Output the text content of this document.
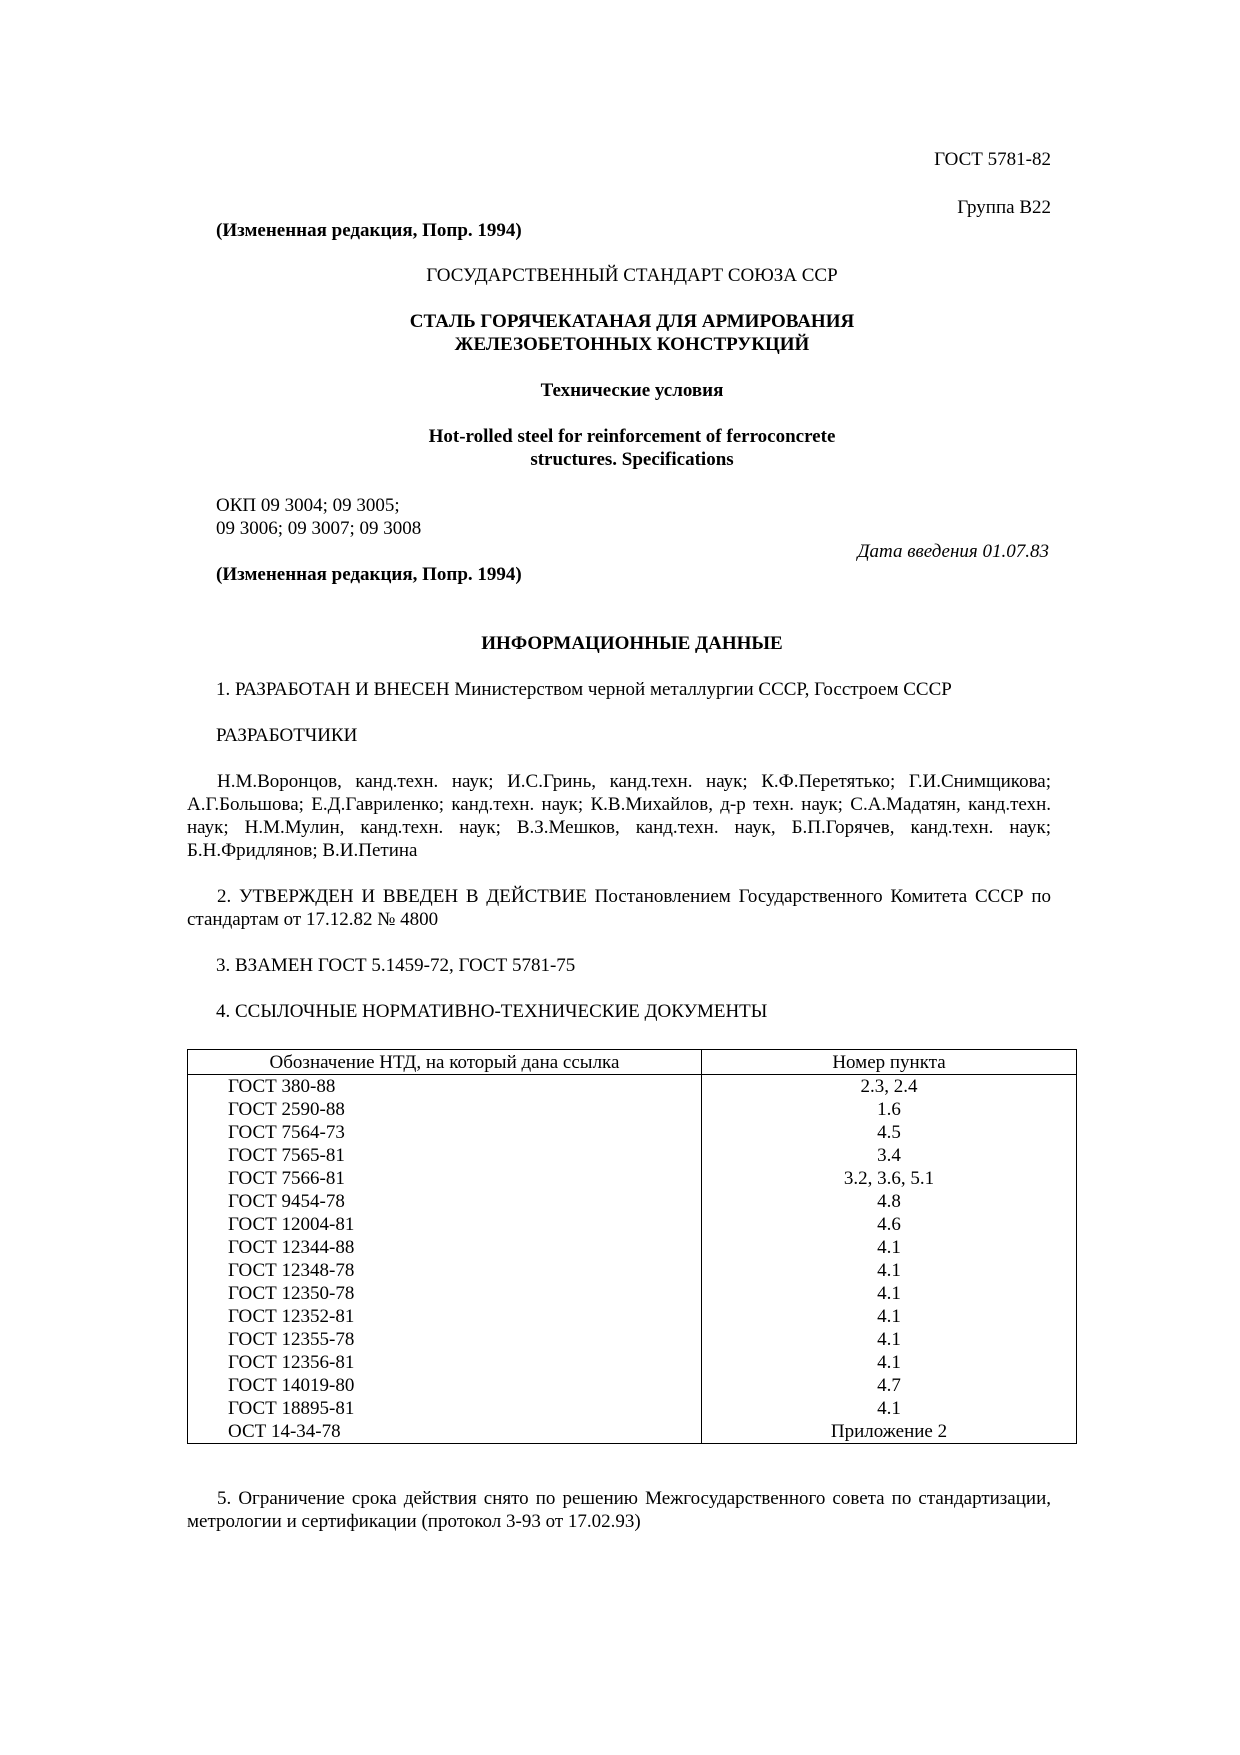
ГОСТ 5781-82

Группа В22

(Измененная редакция, Попр. 1994)

ГОСУДАРСТВЕННЫЙ СТАНДАРТ СОЮЗА ССР

СТАЛЬ ГОРЯЧЕКАТАНАЯ ДЛЯ АРМИРОВАНИЯ

ЖЕЛЕЗОБЕТОННЫХ КОНСТРУКЦИЙ

Технические условия

Hot-rolled steel for reinforcement of ferroconcrete

structures. Specifications

ОКП 09 3004; 09 3005;

09 3006; 09 3007; 09 3008

Дата введения 01.07.83

(Измененная редакция, Попр. 1994)

ИНФОРМАЦИОННЫЕ ДАННЫЕ

1. РАЗРАБОТАН И ВНЕСЕН Министерством черной металлургии СССР, Госстроем СССР

РАЗРАБОТЧИКИ

Н.М.Воронцов, канд.техн. наук; И.С.Гринь, канд.техн. наук; К.Ф.Перетятько; Г.И.Снимщикова; А.Г.Большова; Е.Д.Гавриленко; канд.техн. наук; К.В.Михайлов, д-р техн. наук; С.А.Мадатян, канд.техн. наук; Н.М.Мулин, канд.техн. наук; В.З.Мешков, канд.техн. наук, Б.П.Горячев, канд.техн. наук; Б.Н.Фридлянов; В.И.Петина

2. УТВЕРЖДЕН И ВВЕДЕН В ДЕЙСТВИЕ Постановлением Государственного Комитета СССР по стандартам от 17.12.82 № 4800

3. ВЗАМЕН ГОСТ 5.1459-72, ГОСТ 5781-75

4. ССЫЛОЧНЫЕ НОРМАТИВНО-ТЕХНИЧЕСКИЕ ДОКУМЕНТЫ

Обозначение НТД, на который дана ссылка	Номер пункта
ГОСТ 380-88	2.3, 2.4
ГОСТ 2590-88	1.6
ГОСТ 7564-73	4.5
ГОСТ 7565-81	3.4
ГОСТ 7566-81	3.2, 3.6, 5.1
ГОСТ 9454-78	4.8
ГОСТ 12004-81	4.6
ГОСТ 12344-88	4.1
ГОСТ 12348-78	4.1
ГОСТ 12350-78	4.1
ГОСТ 12352-81	4.1
ГОСТ 12355-78	4.1
ГОСТ 12356-81	4.1
ГОСТ 14019-80	4.7
ГОСТ 18895-81	4.1
ОСТ 14-34-78	Приложение 2

5. Ограничение срока действия снято по решению Межгосударственного совета по стандартизации, метрологии и сертификации (протокол 3-93 от 17.02.93)
